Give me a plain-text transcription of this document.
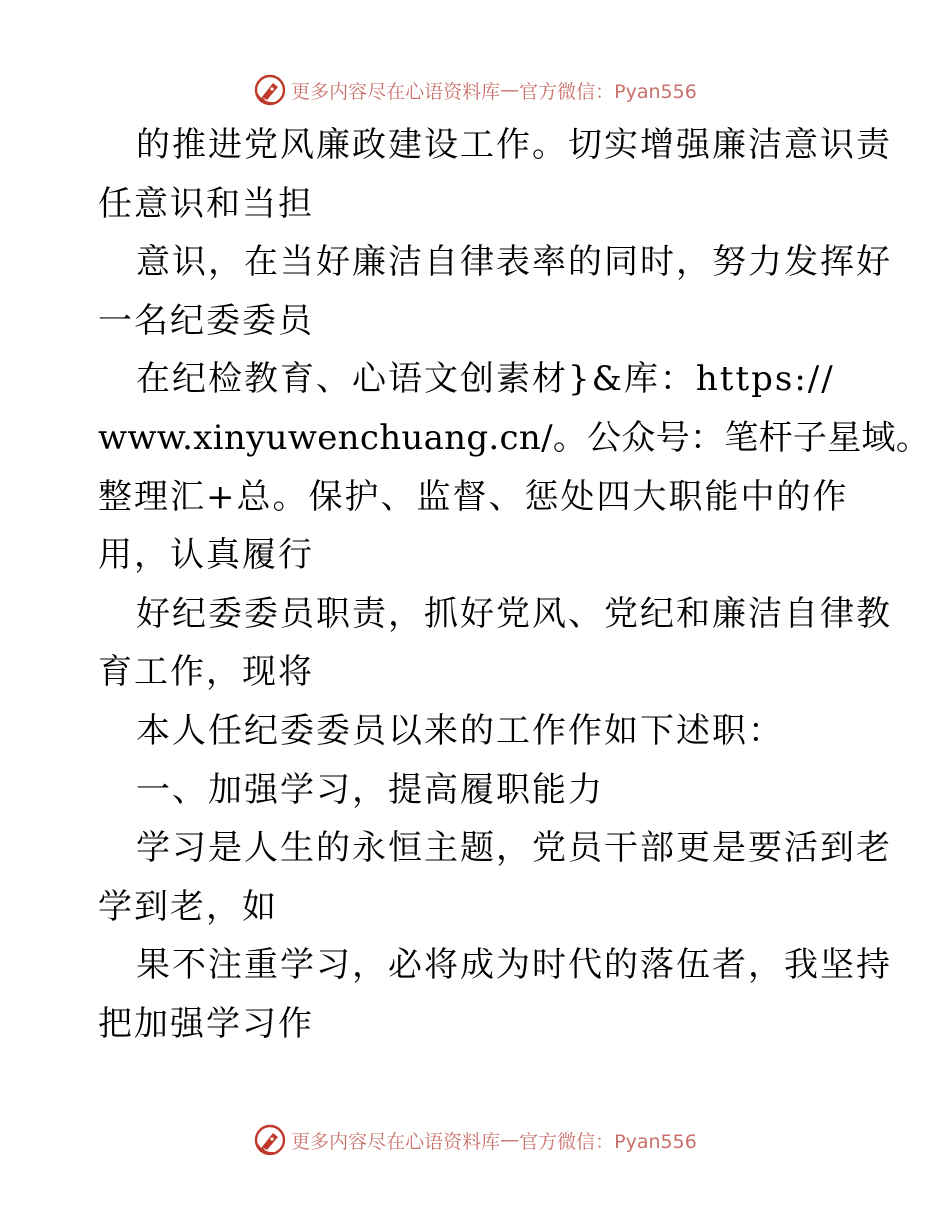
更多内容尽在心语资料库 — 官方微信：Pyan556
的推进党风廉政建设工作。切实增强廉洁意识责
任意识和当担
意识，在当好廉洁自律表率的同时，努力发挥好
一名纪委委员
在纪检教育、心语文创素材}&库：https://
www.xinyuwenchuang.cn/。公众号：笔杆子星域。
整理汇+总。保护、监督、惩处四大职能中的作
用，认真履行
好纪委委员职责，抓好党风、党纪和廉洁自律教
育工作，现将
本人任纪委委员以来的工作作如下述职：
一、加强学习，提高履职能力
学习是人生的永恒主题，党员干部更是要活到老
学到老，如
果不注重学习，必将成为时代的落伍者，我坚持
把加强学习作
更多内容尽在心语资料库 — 官方微信：Pyan556
